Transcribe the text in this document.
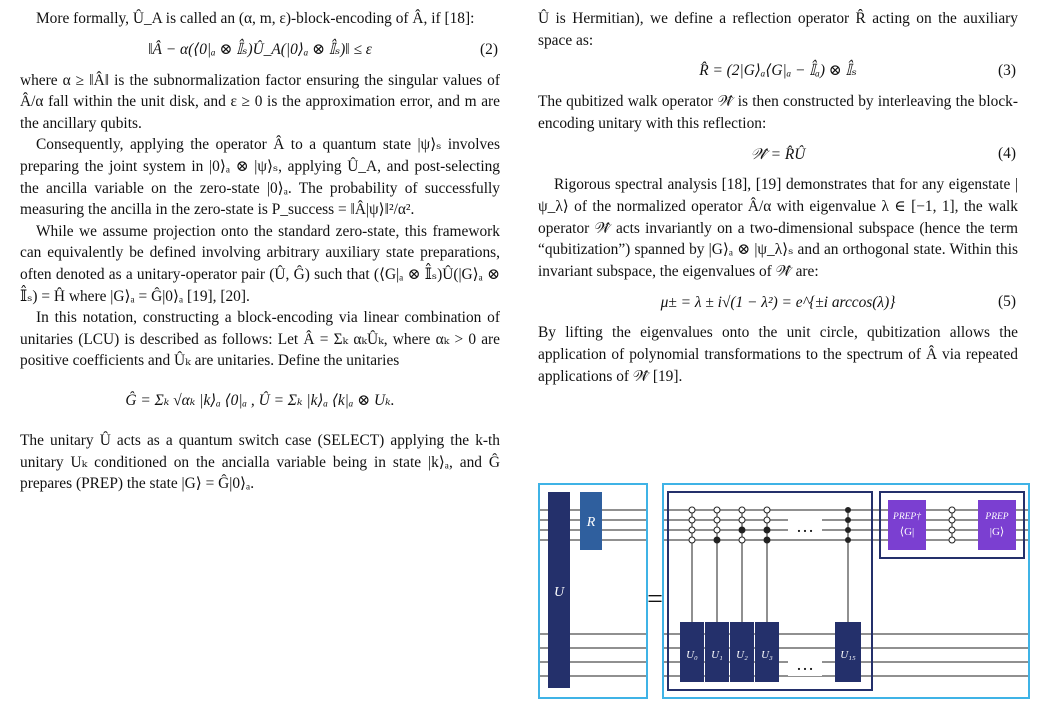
More formally, Û_A is called an (α, m, ε)-block-encoding of Â, if [18]:

‖Â − α(⟨0|ₐ ⊗ 𝕀̂ₛ)Û_A(|0⟩ₐ ⊗ 𝕀̂ₛ)‖ ≤ ε	(2)

where α ≥ ‖Â‖ is the subnormalization factor ensuring the singular values of Â/α fall within the unit disk, and ε ≥ 0 is the approximation error, and m are the ancillary qubits.

Consequently, applying the operator Â to a quantum state |ψ⟩ₛ involves preparing the joint system in |0⟩ₐ ⊗ |ψ⟩ₛ, applying Û_A, and post-selecting the ancilla variable on the zero-state |0⟩ₐ. The probability of successfully measuring the ancilla in the zero-state is P_success = ‖Â|ψ⟩‖²/α².

While we assume projection onto the standard zero-state, this framework can equivalently be defined involving arbitrary auxiliary state preparations, often denoted as a unitary-operator pair (Û, Ĝ) such that (⟨G|ₐ ⊗ 𝕀̂ₛ)Û(|G⟩ₐ ⊗ 𝕀̂ₛ) = Ĥ where |G⟩ₐ = Ĝ|0⟩ₐ [19], [20].

In this notation, constructing a block-encoding via linear combination of unitaries (LCU) is described as follows: Let Â = Σₖ αₖÛₖ, where αₖ > 0 are positive coefficients and Ûₖ are unitaries. Define the unitaries

Ĝ = Σₖ √αₖ |k⟩ₐ ⟨0|ₐ , Û = Σₖ |k⟩ₐ ⟨k|ₐ ⊗ Uₖ.

The unitary Û acts as a quantum switch case (SELECT) applying the k-th unitary Uₖ conditioned on the ancialla variable being in state |k⟩ₐ, and Ĝ prepares (PREP) the state |G⟩ = Ĝ|0⟩ₐ.

Û is Hermitian), we define a reflection operator R̂ acting on the auxiliary space as:

R̂ = (2|G⟩ₐ⟨G|ₐ − 𝕀̂ₐ) ⊗ 𝕀̂ₛ	(3)

The qubitized walk operator 𝒲̂ is then constructed by interleaving the block-encoding unitary with this reflection:

𝒲̂ = R̂Û	(4)

Rigorous spectral analysis [18], [19] demonstrates that for any eigenstate |ψ_λ⟩ of the normalized operator Â/α with eigenvalue λ ∈ [−1, 1], the walk operator 𝒲̂ acts invariantly on a two-dimensional subspace (hence the term “qubitization”) spanned by |G⟩ₐ ⊗ |ψ_λ⟩ₛ and an orthogonal state. Within this invariant subspace, the eigenvalues of 𝒲̂ are:

μ± = λ ± i√(1 − λ²) = e^{±i arccos(λ)}	(5)

By lifting the eigenvalues onto the unit circle, qubitization allows the application of polynomial transformations to the spectrum of Â via repeated applications of 𝒲̂ [19].

U
R
=
U₀ U₁ U₂ U₃	U₁₅
…
…
PREP†
⟨G|
PREP
|G⟩
